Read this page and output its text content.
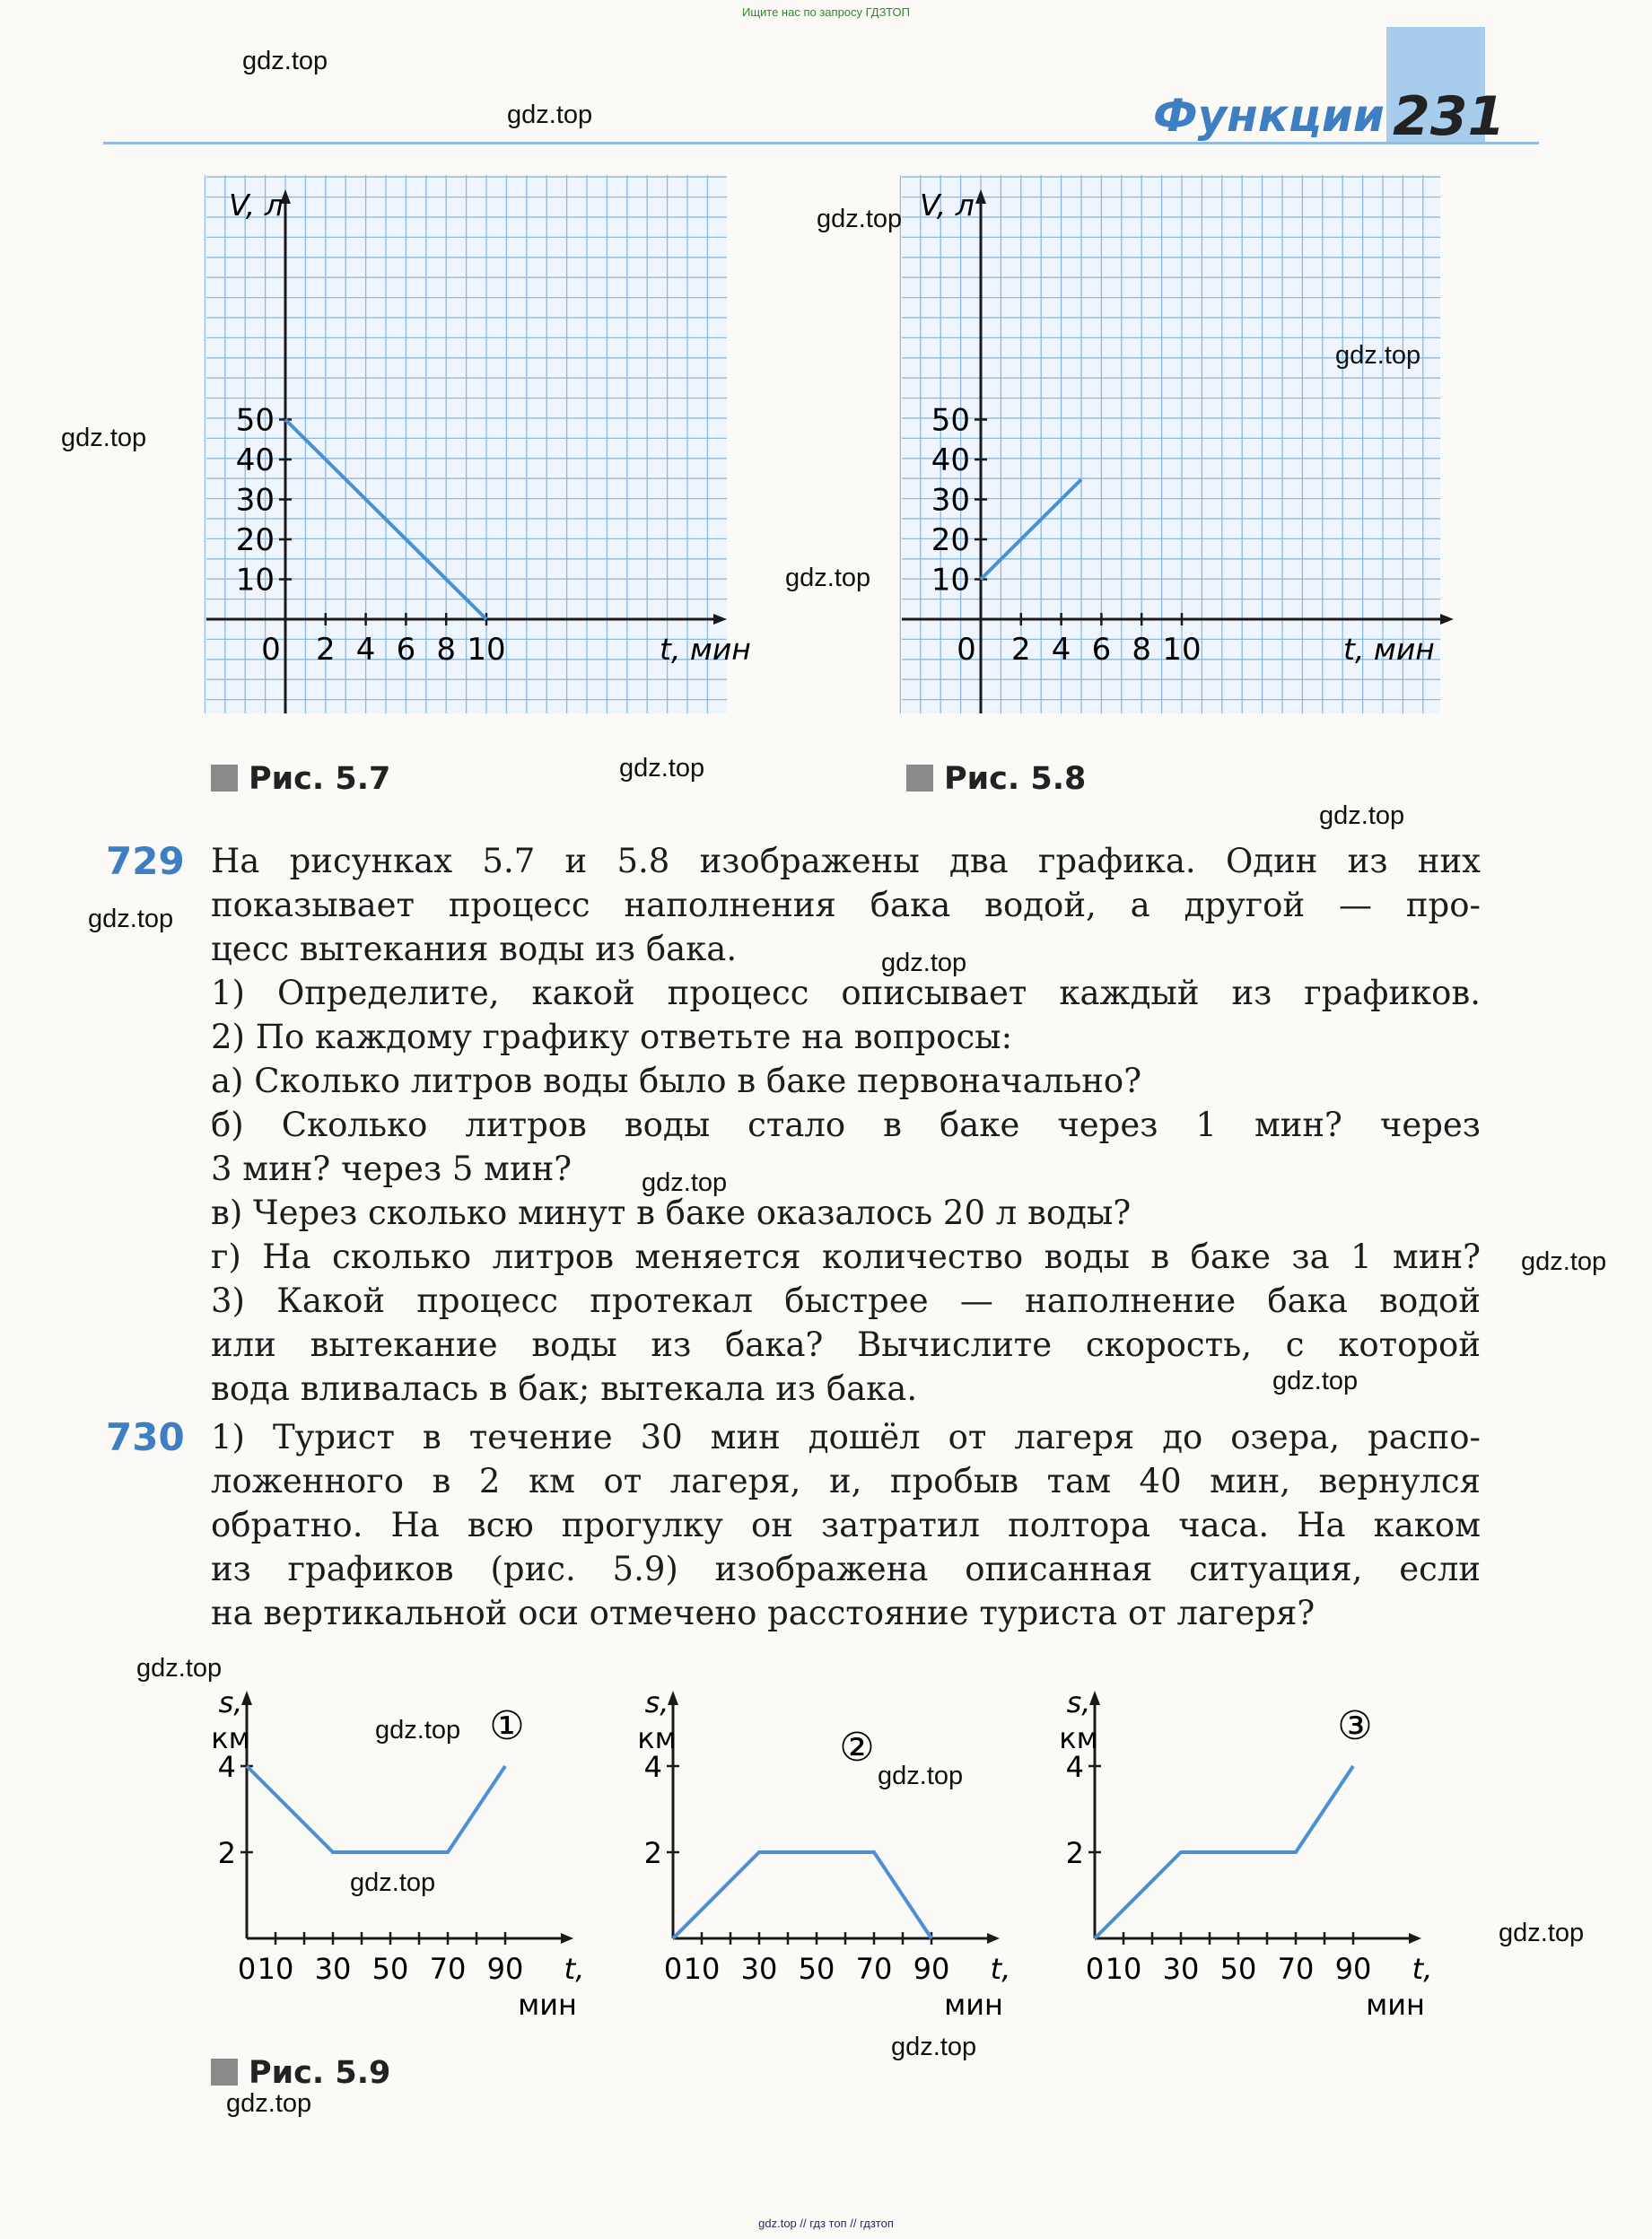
Ищите нас по запросу ГДЗТОП
Функции 231
10
20
30
40
50
0 2 4 6 8 10
V, л
t, мин
10
20
30
40
50
0 2 4 6 8 10
V, л
t, мин
Рис. 5.7	Рис. 5.8
729 На рисунках 5.7 и 5.8 изображены два графика. Один из них
показывает процесс наполнения бака водой, а другой — про-
цесс вытекания воды из бака.
1) Определите, какой процесс описывает каждый из графиков.
2) По каждому графику ответьте на вопросы:
а) Сколько литров воды было в баке первоначально?
б) Сколько литров воды стало в баке через 1 мин? через
3 мин? через 5 мин?
в) Через сколько минут в баке оказалось 20 л воды?
г) На сколько литров меняется количество воды в баке за 1 мин?
3) Какой процесс протекал быстрее — наполнение бака водой
или вытекание воды из бака? Вычислите скорость, с которой
вода вливалась в бак; вытекала из бака.
730 1) Турист в течение 30 мин дошёл от лагеря до озера, распо-
ложенного в 2 км от лагеря, и, пробыв там 40 мин, вернулся
обратно. На всю прогулку он затратил полтора часа. На каком
из графиков (рис. 5.9) изображена описанная ситуация, если
на вертикальной оси отмечено расстояние туриста от лагеря?
s,
км
2
4
0 10 30 50 70 90 t,
мин
①
s,
км
2
4
0 10 30 50 70 90 t,
мин
②
s,
км
2
4
0 10 30 50 70 90 t,
мин
③
Рис. 5.9
gdz.top
gdz.top
gdz.top
gdz.top
gdz.top
gdz.top
gdz.top
gdz.top
gdz.top
gdz.top
gdz.top
gdz.top
gdz.top
gdz.top
gdz.top
gdz.top
gdz.top
gdz.top
gdz.top
gdz.top
gdz.top // гдз топ // гдзтоп
